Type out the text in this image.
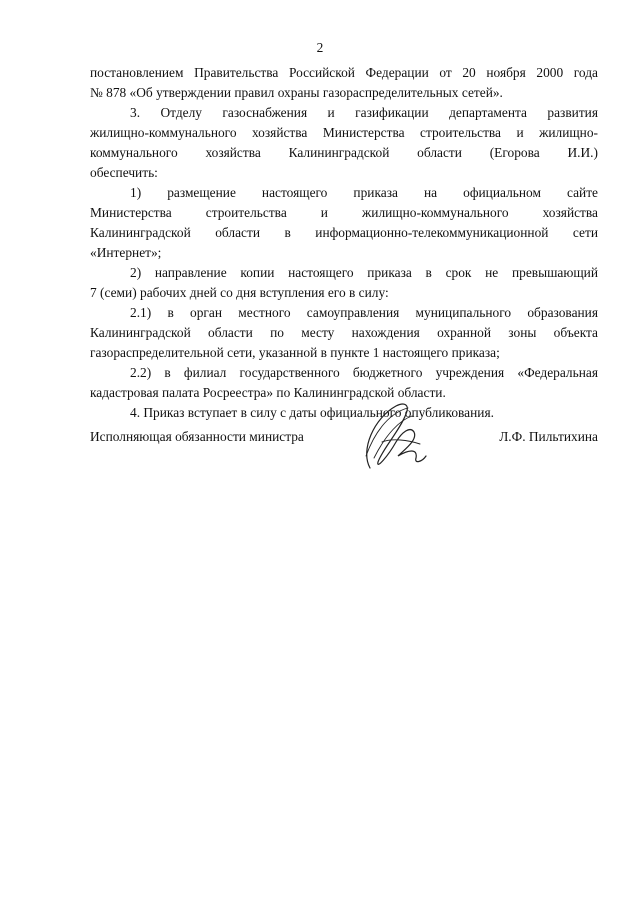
2
постановлением Правительства Российской Федерации от 20 ноября 2000 года
№ 878 «Об утверждении правил охраны газораспределительных сетей».
3. Отделу газоснабжения и газификации департамента развития
жилищно-коммунального хозяйства Министерства строительства и жилищно-
коммунального хозяйства Калининградской области (Егорова И.И.)
обеспечить:
1) размещение настоящего приказа на официальном сайте
Министерства строительства и жилищно-коммунального хозяйства
Калининградской области в информационно-телекоммуникационной сети
«Интернет»;
2) направление копии настоящего приказа в срок не превышающий
7 (семи) рабочих дней со дня вступления его в силу:
2.1) в орган местного самоуправления муниципального образования
Калининградской области по месту нахождения охранной зоны объекта
газораспределительной сети, указанной в пункте 1 настоящего приказа;
2.2) в филиал государственного бюджетного учреждения «Федеральная
кадастровая палата Росреестра» по Калининградской области.
4. Приказ вступает в силу с даты официального опубликования.
Исполняющая обязанности министра	Л.Ф. Пильтихина
